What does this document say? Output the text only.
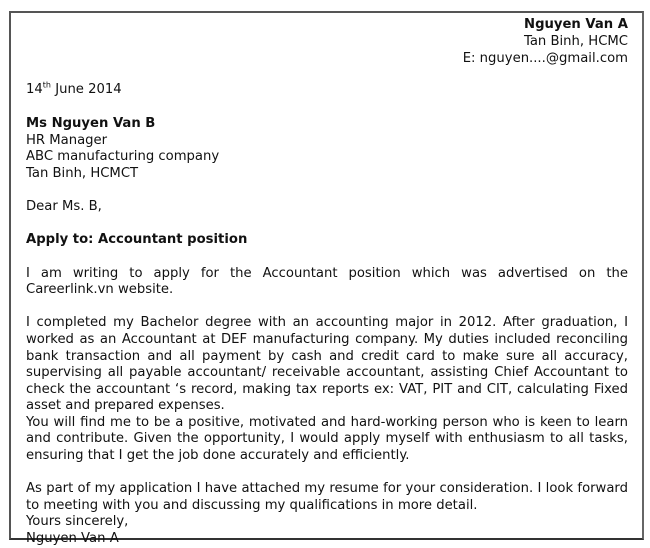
Nguyen Van A
Tan Binh, HCMC
E: nguyen....@gmail.com

14th June 2014

Ms Nguyen Van B
HR Manager
ABC manufacturing company
Tan Binh, HCMCT

Dear Ms. B,

Apply to: Accountant position

I am writing to apply for the Accountant position which was advertised on the Careerlink.vn website.

I completed my Bachelor degree with an accounting major in 2012. After graduation, I worked as an Accountant at DEF manufacturing company. My duties included reconciling bank transaction and all payment by cash and credit card to make sure all accuracy, supervising all payable accountant/ receivable accountant, assisting Chief Accountant to check the accountant ‘s record, making tax reports ex: VAT, PIT and CIT, calculating Fixed asset and prepared expenses.

You will find me to be a positive, motivated and hard-working person who is keen to learn and contribute. Given the opportunity, I would apply myself with enthusiasm to all tasks, ensuring that I get the job done accurately and efficiently.

As part of my application I have attached my resume for your consideration. I look forward to meeting with you and discussing my qualifications in more detail.

Yours sincerely,

Nguyen Van A
